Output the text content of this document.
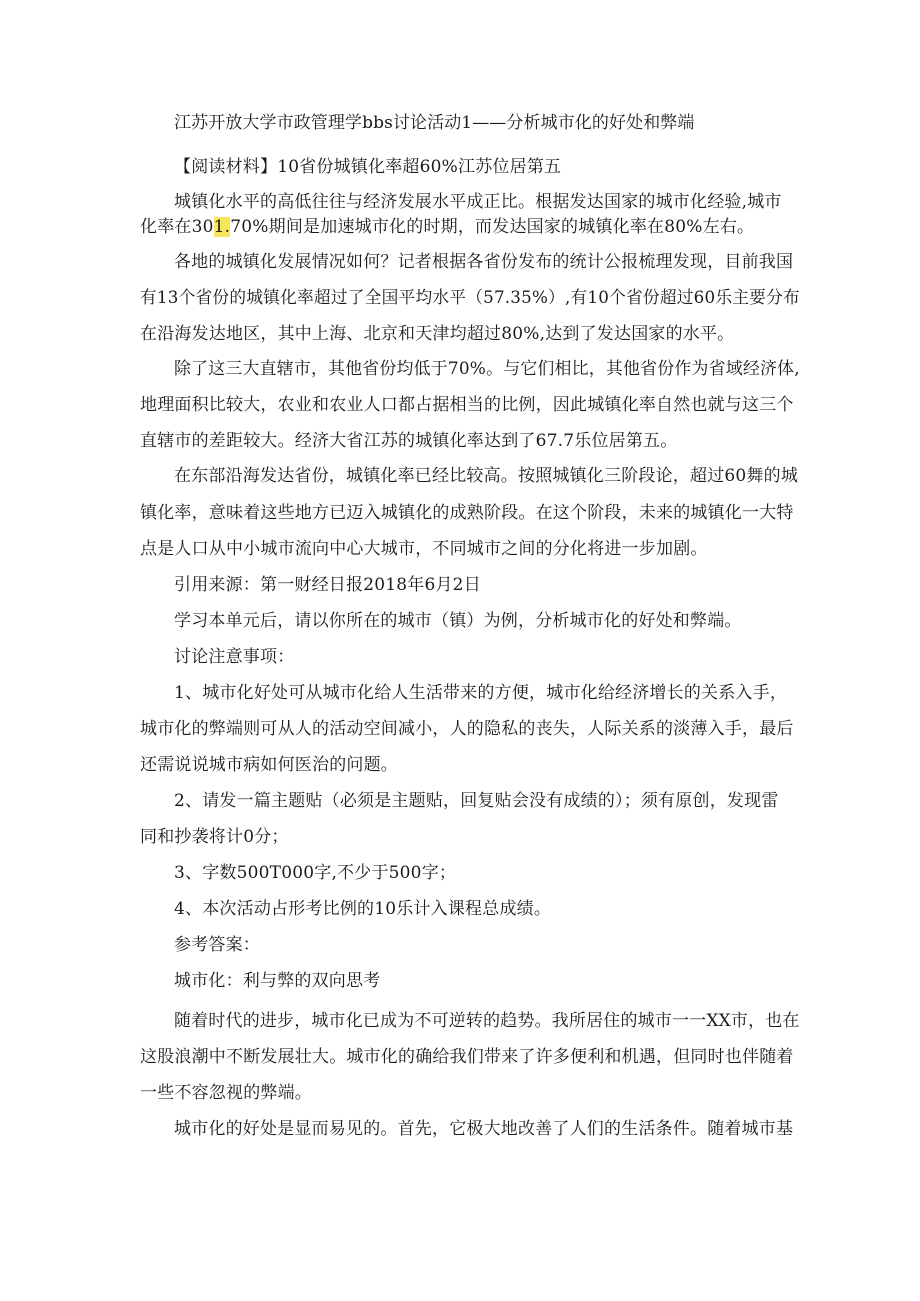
江苏开放大学市政管理学bbs讨论活动1——分析城市化的好处和弊端
【阅读材料】10省份城镇化率超60%江苏位居第五
城镇化水平的高低往往与经济发展水平成正比。根据发达国家的城市化经验,城市
化率在301.70%期间是加速城市化的时期，而发达国家的城镇化率在80%左右。
各地的城镇化发展情况如何？记者根据各省份发布的统计公报梳理发现，目前我国
有13个省份的城镇化率超过了全国平均水平（57.35%）,有10个省份超过60乐主要分布
在沿海发达地区，其中上海、北京和天津均超过80%,达到了发达国家的水平。
除了这三大直辖市，其他省份均低于70%。与它们相比，其他省份作为省域经济体,
地理面积比较大，农业和农业人口都占据相当的比例，因此城镇化率自然也就与这三个
直辖市的差距较大。经济大省江苏的城镇化率达到了67.7乐位居第五。
在东部沿海发达省份，城镇化率已经比较高。按照城镇化三阶段论，超过60舞的城
镇化率，意味着这些地方已迈入城镇化的成熟阶段。在这个阶段，未来的城镇化一大特
点是人口从中小城市流向中心大城市，不同城市之间的分化将进一步加剧。
引用来源：第一财经日报2018年6月2日
学习本单元后，请以你所在的城市（镇）为例，分析城市化的好处和弊端。
讨论注意事项：
1、城市化好处可从城市化给人生活带来的方便，城市化给经济增长的关系入手，
城市化的弊端则可从人的活动空间减小，人的隐私的丧失，人际关系的淡薄入手，最后
还需说说城市病如何医治的问题。
2、请发一篇主题贴（必须是主题贴，回复贴会没有成绩的）；须有原创，发现雷
同和抄袭将计0分；
3、字数500T000字,不少于500字；
4、本次活动占形考比例的10乐计入课程总成绩。
参考答案：
城市化：利与弊的双向思考
随着时代的进步，城市化已成为不可逆转的趋势。我所居住的城市一一XX市，也在
这股浪潮中不断发展壮大。城市化的确给我们带来了许多便利和机遇，但同时也伴随着
一些不容忽视的弊端。
城市化的好处是显而易见的。首先，它极大地改善了人们的生活条件。随着城市基
